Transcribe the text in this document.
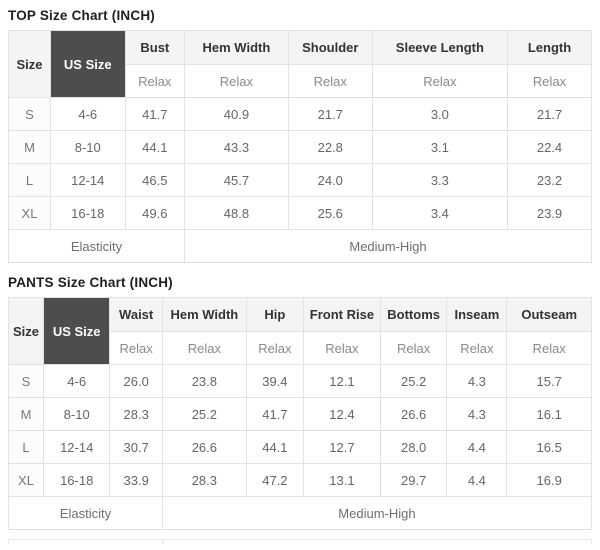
TOP Size Chart (INCH)
Size	US Size	Bust	Hem Width	Shoulder	Sleeve Length	Length
		Relax	Relax	Relax	Relax	Relax
S	4-6	41.7	40.9	21.7	3.0	21.7
M	8-10	44.1	43.3	22.8	3.1	22.4
L	12-14	46.5	45.7	24.0	3.3	23.2
XL	16-18	49.6	48.8	25.6	3.4	23.9
Elasticity			Medium-High			
PANTS Size Chart (INCH)
Size	US Size	Waist	Hem Width	Hip	Front Rise	Bottoms	Inseam	Outseam
		Relax	Relax	Relax	Relax	Relax	Relax	Relax
S	4-6	26.0	23.8	39.4	12.1	25.2	4.3	15.7
M	8-10	28.3	25.2	41.7	12.4	26.6	4.3	16.1
L	12-14	30.7	26.6	44.1	12.7	28.0	4.4	16.5
XL	16-18	33.9	28.3	47.2	13.1	29.7	4.4	16.9
Elasticity			Medium-High					
